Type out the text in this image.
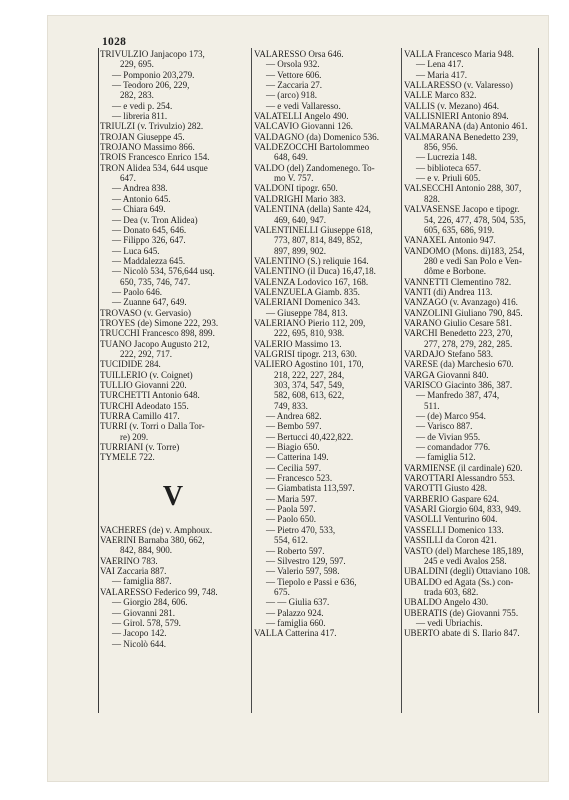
1028
TRIVULZIO Janjacopo 173,
229, 695.
— Pomponio 203,279.
— Teodoro 206, 229,
282, 283.
— e vedi p. 254.
— libreria 811.
TRIULZI (v. Trivulzio) 282.
TROJAN Giuseppe 45.
TROJANO Massimo 866.
TROIS Francesco Enrico 154.
TRON Alidea 534, 644 usque
647.
— Andrea 838.
— Antonio 645.
— Chiara 649.
— Dea (v. Tron Alidea)
— Donato 645, 646.
— Filippo 326, 647.
— Luca 645.
— Maddalezza 645.
— Nicolò 534, 576,644 usq.
650, 735, 746, 747.
— Paolo 646.
— Zuanne 647, 649.
TROVASO (v. Gervasio)
TROYES (de) Simone 222, 293.
TRUCCHI Francesco 898, 899.
TUANO Jacopo Augusto 212,
222, 292, 717.
TUCIDIDE 284.
TUILLERIO (v. Coignet)
TULLIO Giovanni 220.
TURCHETTI Antonio 648.
TURCHI Adeodato 155.
TURRA Camillo 417.
TURRI (v. Torri o Dalla Tor-
re) 209.
TURRIANI (v. Torre)
TYMELE 722.
V
VACHERES (de) v. Amphoux.
VAERINI Barnaba 380, 662,
842, 884, 900.
VAERINO 783.
VAI Zaccaria 887.
— famiglia 887.
VALARESSO Federico 99, 748.
— Giorgio 284, 606.
— Giovanni 281.
— Girol. 578, 579.
— Jacopo 142.
— Nicolò 644.
VALARESSO Orsa 646.
— Orsola 932.
— Vettore 606.
— Zaccaria 27.
— (arco) 918.
— e vedi Vallaresso.
VALATELLI Angelo 490.
VALCAVIO Giovanni 126.
VALDAGNO (da) Domenico 536.
VALDEZOCCHI Bartolommeo
648, 649.
VALDO (del) Zandomenego. To-
mo V. 757.
VALDONI tipogr. 650.
VALDRIGHI Mario 383.
VALENTINA (della) Sante 424,
469, 640, 947.
VALENTINELLI Giuseppe 618,
773, 807, 814, 849, 852,
897, 899, 902.
VALENTINO (S.) reliquie 164.
VALENTINO (il Duca) 16,47,18.
VALENZA Lodovico 167, 168.
VALENZUELA Giamb. 835.
VALERIANI Domenico 343.
— Giuseppe 784, 813.
VALERIANO Pierio 112, 209,
222, 695, 810, 938.
VALERIO Massimo 13.
VALGRISI tipogr. 213, 630.
VALIERO Agostino 101, 170,
218, 222, 227, 284,
303, 374, 547, 549,
582, 608, 613, 622,
749, 833.
— Andrea 682.
— Bembo 597.
— Bertucci 40,422,822.
— Biagio 650.
— Catterina 149.
— Cecilia 597.
— Francesco 523.
— Giambatista 113,597.
— Maria 597.
— Paola 597.
— Paolo 650.
— Pietro 470, 533,
554, 612.
— Roberto 597.
— Silvestro 129, 597.
— Valerio 597, 598.
— Tiepolo e Passi e 636,
675.
— — Giulia 637.
— Palazzo 924.
— famiglia 660.
VALLA Catterina 417.
VALLA Francesco Maria 948.
— Lena 417.
— Maria 417.
VALLARESSO (v. Valaresso)
VALLE Marco 832.
VALLIS (v. Mezano) 464.
VALLISNIERI Antonio 894.
VALMARANA (da) Antonio 461.
VALMARANA Benedetto 239,
856, 956.
— Lucrezia 148.
— biblioteca 657.
— e v. Priuli 605.
VALSECCHI Antonio 288, 307,
828.
VALVASENSE Jacopo e tipogr.
54, 226, 477, 478, 504, 535,
605, 635, 686, 919.
VANAXEL Antonio 947.
VANDOMO (Mons. di)183, 254,
280 e vedi San Polo e Ven-
dôme e Borbone.
VANNETTI Clementino 782.
VANTI (di) Andrea 113.
VANZAGO (v. Avanzago) 416.
VANZOLINI Giuliano 790, 845.
VARANO Giulio Cesare 581.
VARCHI Benedetto 223, 270,
277, 278, 279, 282, 285.
VARDAJO Stefano 583.
VARESE (da) Marchesio 670.
VARGA Giovanni 840.
VARISCO Giacinto 386, 387.
— Manfredo 387, 474,
511.
— (de) Marco 954.
— Varisco 887.
— de Vivian 955.
— comandador 776.
— famiglia 512.
VARMIENSE (il cardinale) 620.
VAROTTARI Alessandro 553.
VAROTTI Giusto 428.
VARBERIO Gaspare 624.
VASARI Giorgio 604, 833, 949.
VASOLLI Venturino 604.
VASSELLI Domenico 133.
VASSILLI da Coron 421.
VASTO (del) Marchese 185,189,
245 e vedi Avalos 258.
UBALDINI (degli) Ottaviano 108.
UBALDO ed Agata (Ss.) con-
trada 603, 682.
UBALDO Angelo 430.
UBERATIS (de) Giovanni 755.
— vedi Ubriachis.
UBERTO abate di S. Ilario 847.
